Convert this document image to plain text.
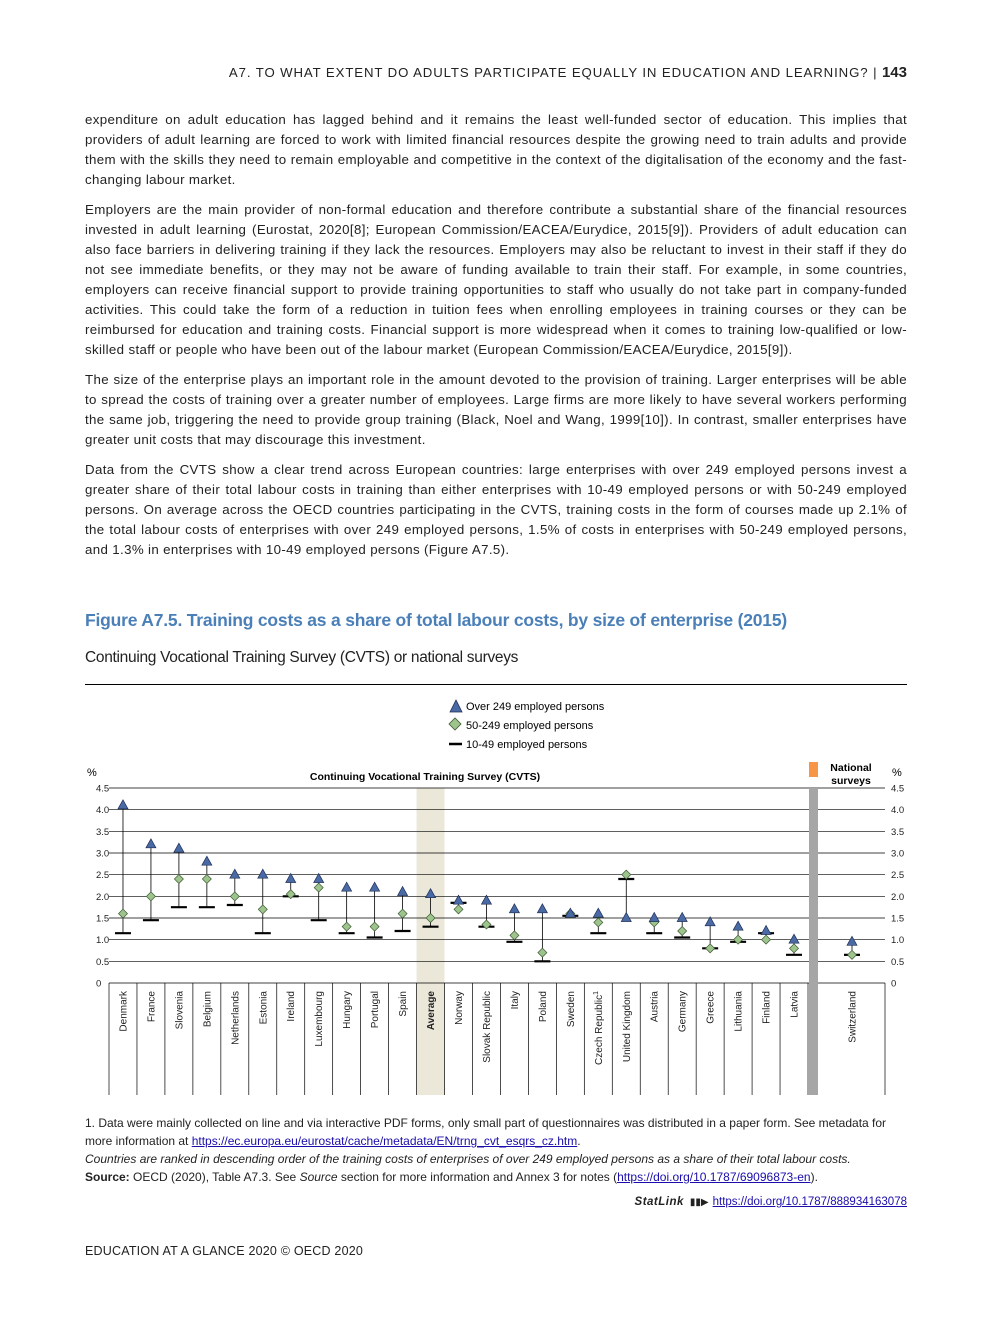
A7. TO WHAT EXTENT DO ADULTS PARTICIPATE EQUALLY IN EDUCATION AND LEARNING? | 143

expenditure on adult education has lagged behind and it remains the least well-funded sector of education. This implies that providers of adult learning are forced to work with limited financial resources despite the growing need to train adults and provide them with the skills they need to remain employable and competitive in the context of the digitalisation of the economy and the fast-changing labour market.

Employers are the main provider of non-formal education and therefore contribute a substantial share of the financial resources invested in adult learning (Eurostat, 2020[8]; European Commission/EACEA/Eurydice, 2015[9]). Providers of adult education can also face barriers in delivering training if they lack the resources. Employers may also be reluctant to invest in their staff if they do not see immediate benefits, or they may not be aware of funding available to train their staff. For example, in some countries, employers can receive financial support to provide training opportunities to staff who usually do not take part in company-funded activities. This could take the form of a reduction in tuition fees when enrolling employees in training courses or they can be reimbursed for education and training costs. Financial support is more widespread when it comes to training low-qualified or low-skilled staff or people who have been out of the labour market (European Commission/EACEA/Eurydice, 2015[9]).

The size of the enterprise plays an important role in the amount devoted to the provision of training. Larger enterprises will be able to spread the costs of training over a greater number of employees. Large firms are more likely to have several workers performing the same job, triggering the need to provide group training (Black, Noel and Wang, 1999[10]). In contrast, smaller enterprises have greater unit costs that may discourage this investment.

Data from the CVTS show a clear trend across European countries: large enterprises with over 249 employed persons invest a greater share of their total labour costs in training than either enterprises with 10-49 employed persons or with 50-249 employed persons. On average across the OECD countries participating in the CVTS, training costs in the form of courses made up 2.1% of the total labour costs of enterprises with over 249 employed persons, 1.5% of costs in enterprises with 50-249 employed persons, and 1.3% in enterprises with 10-49 employed persons (Figure A7.5).

Figure A7.5. Training costs as a share of total labour costs, by size of enterprise (2015)
Continuing Vocational Training Survey (CVTS) or national surveys
0	0
0.5	0.5
1.0	1.0
1.5	1.5
2.0	2.0
2.5	2.5
3.0	3.0
3.5	3.5
4.0	4.0
4.5	4.5
%	%
Continuing Vocational Training Survey (CVTS)
National
surveys
Over 249 employed persons
50-249 employed persons
10-49 employed persons
Denmark France Slovenia Belgium Netherlands Estonia Ireland Luxembourg Hungary Portugal Spain Average Norway Slovak Republic Italy Poland Sweden Czech Republic$^1$	United Kingdom Austria Germany Greece Lithuania Finland Latvia	Switzerland
1. Data were mainly collected on line and via interactive PDF forms, only small part of questionnaires was distributed in a paper form. See metadata for more information at https://ec.europa.eu/eurostat/cache/metadata/EN/trng_cvt_esqrs_cz.htm.
Countries are ranked in descending order of the training costs of enterprises of over 249 employed persons as a share of their total labour costs.
Source: OECD (2020), Table A7.3. See Source section for more information and Annex 3 for notes (https://doi.org/10.1787/69096873-en).
StatLink ▮▮▶ https://doi.org/10.1787/888934163078
EDUCATION AT A GLANCE 2020 © OECD 2020
